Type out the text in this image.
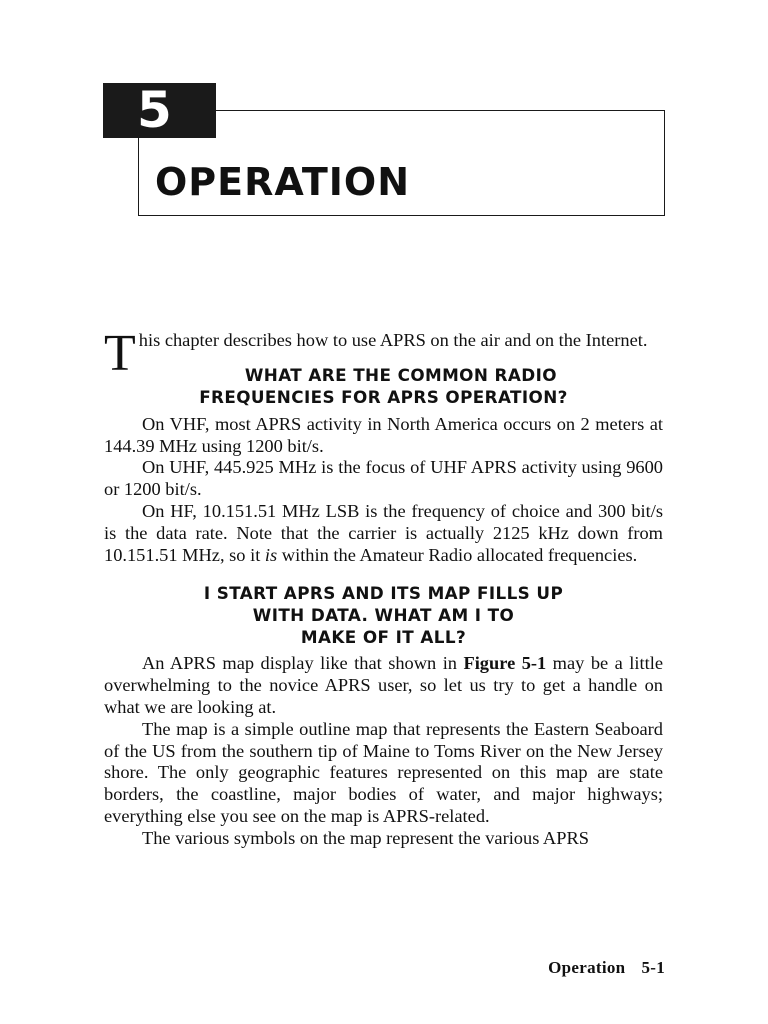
5
OPERATION

This chapter describes how to use APRS on the air and on the Internet.

WHAT ARE THE COMMON RADIO
FREQUENCIES FOR APRS OPERATION?

On VHF, most APRS activity in North America occurs on 2 meters at 144.39 MHz using 1200 bit/s.

On UHF, 445.925 MHz is the focus of UHF APRS activity using 9600 or 1200 bit/s.

On HF, 10.151.51 MHz LSB is the frequency of choice and 300 bit/s is the data rate. Note that the carrier is actually 2125 kHz down from 10.151.51 MHz, so it is within the Amateur Radio allocated frequencies.

I START APRS AND ITS MAP FILLS UP
WITH DATA. WHAT AM I TO
MAKE OF IT ALL?

An APRS map display like that shown in Figure 5-1 may be a little overwhelming to the novice APRS user, so let us try to get a handle on what we are looking at.

The map is a simple outline map that represents the Eastern Seaboard of the US from the southern tip of Maine to Toms River on the New Jersey shore. The only geographic features represented on this map are state borders, the coastline, major bodies of water, and major highways; everything else you see on the map is APRS-related.

The various symbols on the map represent the various APRS

Operation 5-1
